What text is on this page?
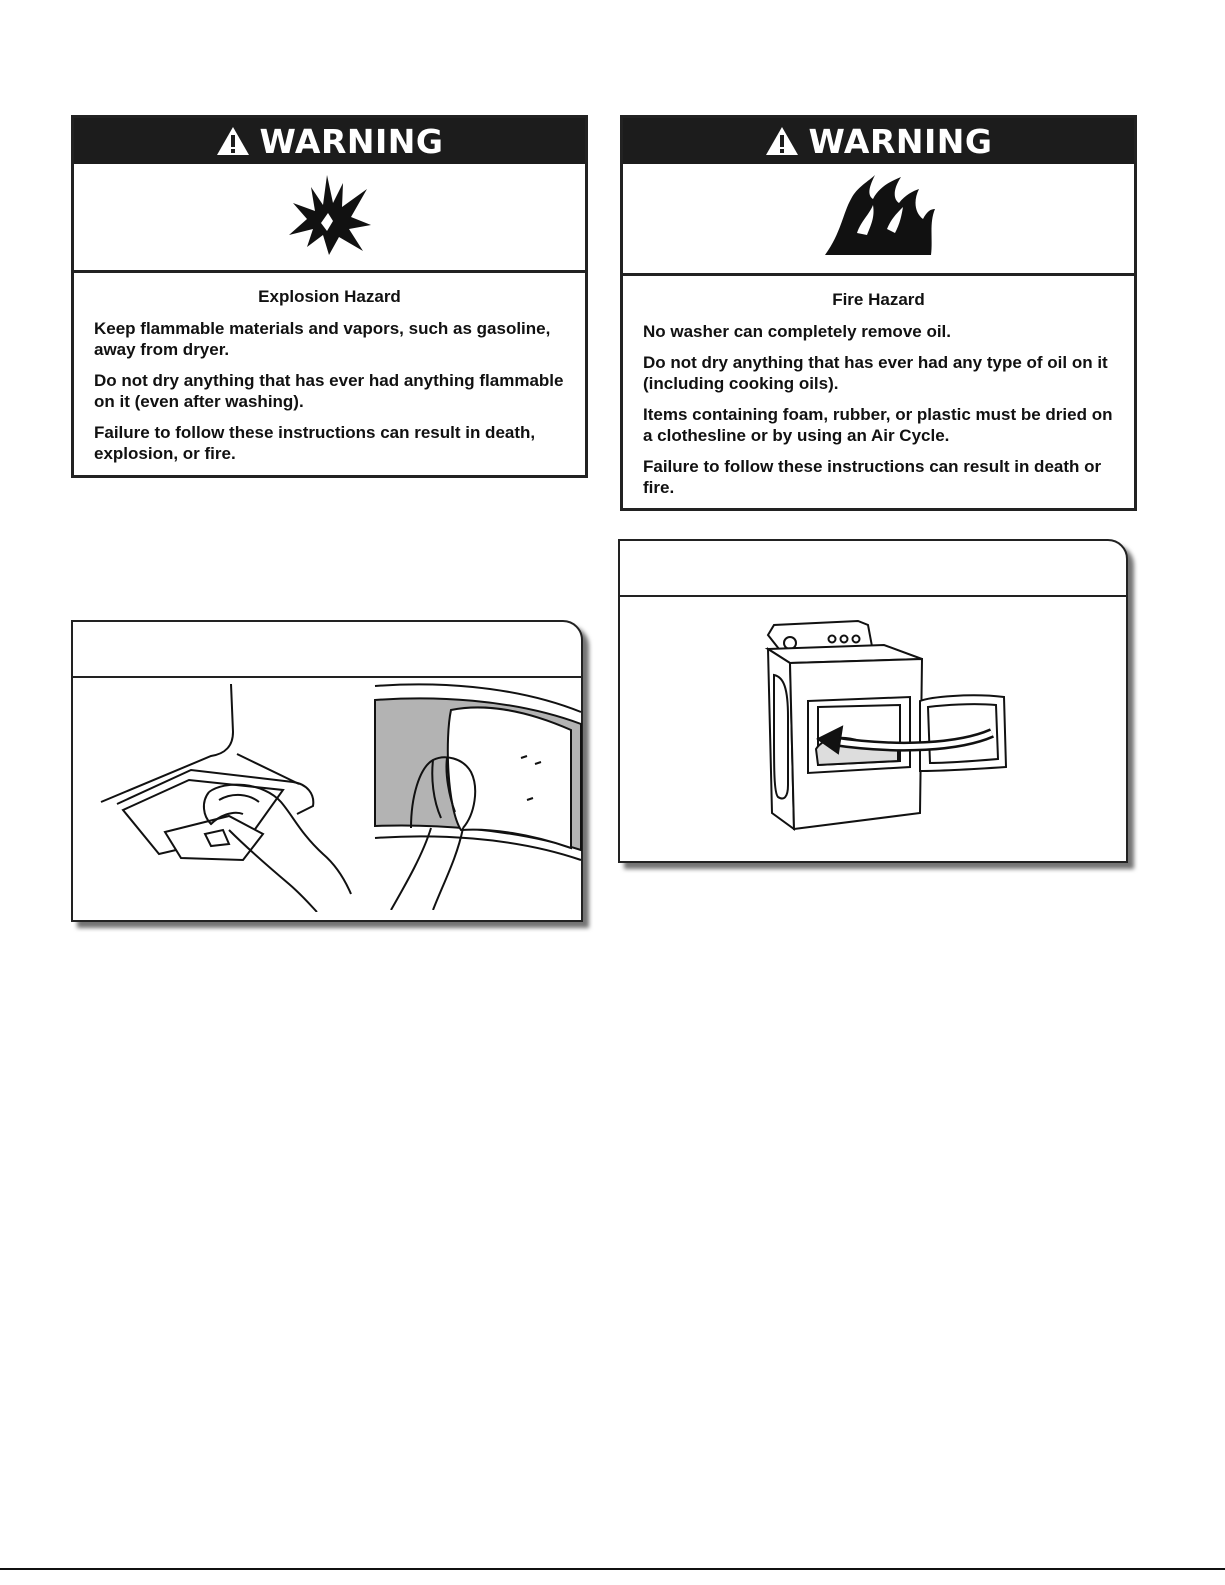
WARNING
Explosion Hazard

Keep flammable materials and vapors, such as gasoline, away from dryer.

Do not dry anything that has ever had anything flammable on it (even after washing).

Failure to follow these instructions can result in death, explosion, or fire.

WARNING
Fire Hazard

No washer can completely remove oil.

Do not dry anything that has ever had any type of oil on it (including cooking oils).

Items containing foam, rubber, or plastic must be dried on a clothesline or by using an Air Cycle.

Failure to follow these instructions can result in death or fire.
